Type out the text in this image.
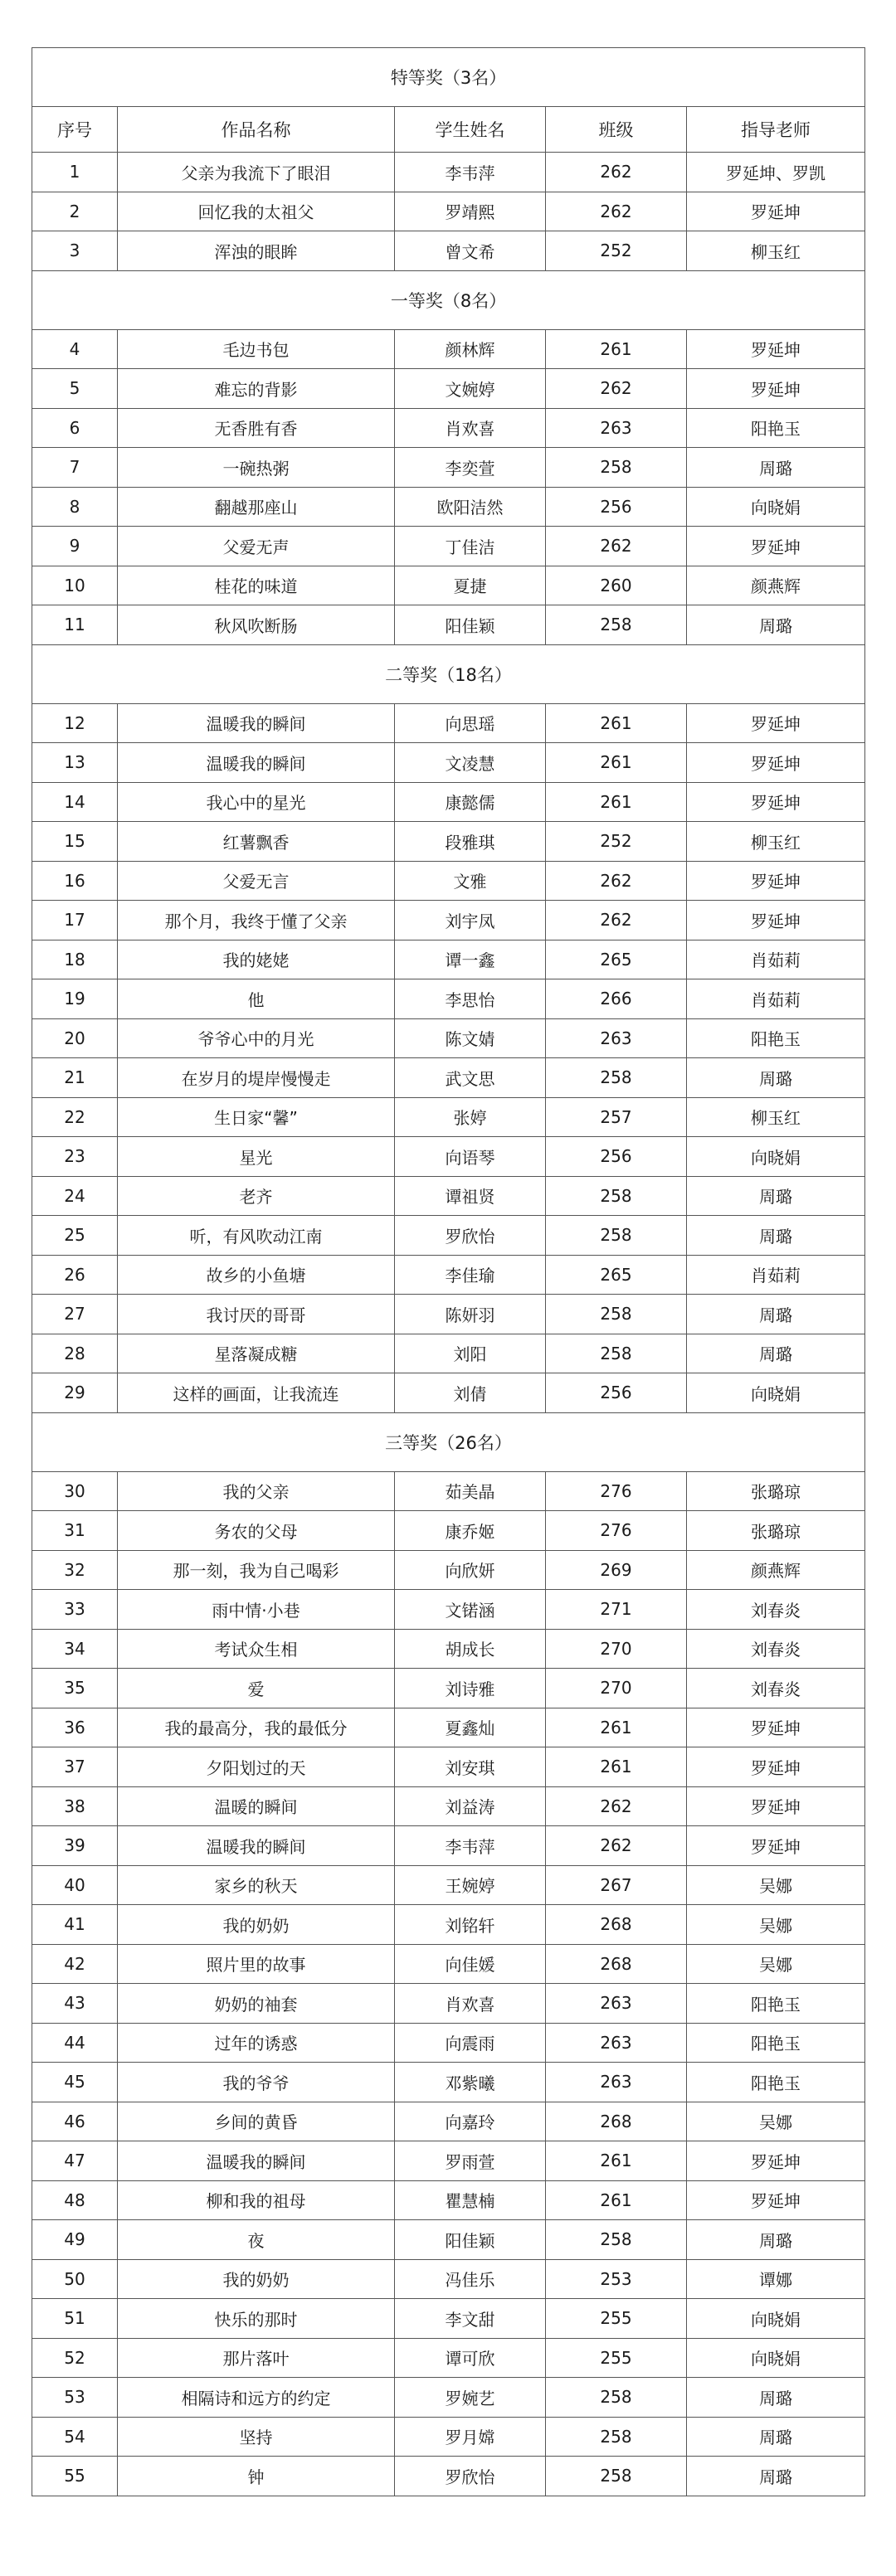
特等奖（3名）				
序号	作品名称	学生姓名	班级	指导老师
1	父亲为我流下了眼泪	李韦萍	262	罗延坤、罗凯
2	回忆我的太祖父	罗靖熙	262	罗延坤
3	浑浊的眼眸	曾文希	252	柳玉红
一等奖（8名）				
4	毛边书包	颜林辉	261	罗延坤
5	难忘的背影	文婉婷	262	罗延坤
6	无香胜有香	肖欢喜	263	阳艳玉
7	一碗热粥	李奕萱	258	周璐
8	翻越那座山	欧阳洁然	256	向晓娟
9	父爱无声	丁佳洁	262	罗延坤
10	桂花的味道	夏捷	260	颜燕辉
11	秋风吹断肠	阳佳颖	258	周璐
二等奖（18名）				
12	温暖我的瞬间	向思瑶	261	罗延坤
13	温暖我的瞬间	文凌慧	261	罗延坤
14	我心中的星光	康懿儒	261	罗延坤
15	红薯飘香	段雅琪	252	柳玉红
16	父爱无言	文雅	262	罗延坤
17	那个月，我终于懂了父亲	刘宇凤	262	罗延坤
18	我的姥姥	谭一鑫	265	肖茹莉
19	他	李思怡	266	肖茹莉
20	爷爷心中的月光	陈文婧	263	阳艳玉
21	在岁月的堤岸慢慢走	武文思	258	周璐
22	生日家“馨”	张婷	257	柳玉红
23	星光	向语琴	256	向晓娟
24	老齐	谭祖贤	258	周璐
25	听，有风吹动江南	罗欣怡	258	周璐
26	故乡的小鱼塘	李佳瑜	265	肖茹莉
27	我讨厌的哥哥	陈妍羽	258	周璐
28	星落凝成糖	刘阳	258	周璐
29	这样的画面，让我流连	刘倩	256	向晓娟
三等奖（26名）				
30	我的父亲	茹美晶	276	张璐琼
31	务农的父母	康乔姬	276	张璐琼
32	那一刻，我为自己喝彩	向欣妍	269	颜燕辉
33	雨中情·小巷	文锘涵	271	刘春炎
34	考试众生相	胡成长	270	刘春炎
35	爱	刘诗雅	270	刘春炎
36	我的最高分，我的最低分	夏鑫灿	261	罗延坤
37	夕阳划过的天	刘安琪	261	罗延坤
38	温暖的瞬间	刘益涛	262	罗延坤
39	温暖我的瞬间	李韦萍	262	罗延坤
40	家乡的秋天	王婉婷	267	吴娜
41	我的奶奶	刘铭轩	268	吴娜
42	照片里的故事	向佳媛	268	吴娜
43	奶奶的袖套	肖欢喜	263	阳艳玉
44	过年的诱惑	向震雨	263	阳艳玉
45	我的爷爷	邓紫曦	263	阳艳玉
46	乡间的黄昏	向嘉玲	268	吴娜
47	温暖我的瞬间	罗雨萱	261	罗延坤
48	柳和我的祖母	瞿慧楠	261	罗延坤
49	夜	阳佳颖	258	周璐
50	我的奶奶	冯佳乐	253	谭娜
51	快乐的那时	李文甜	255	向晓娟
52	那片落叶	谭可欣	255	向晓娟
53	相隔诗和远方的约定	罗婉艺	258	周璐
54	坚持	罗月嫦	258	周璐
55	钟	罗欣怡	258	周璐
